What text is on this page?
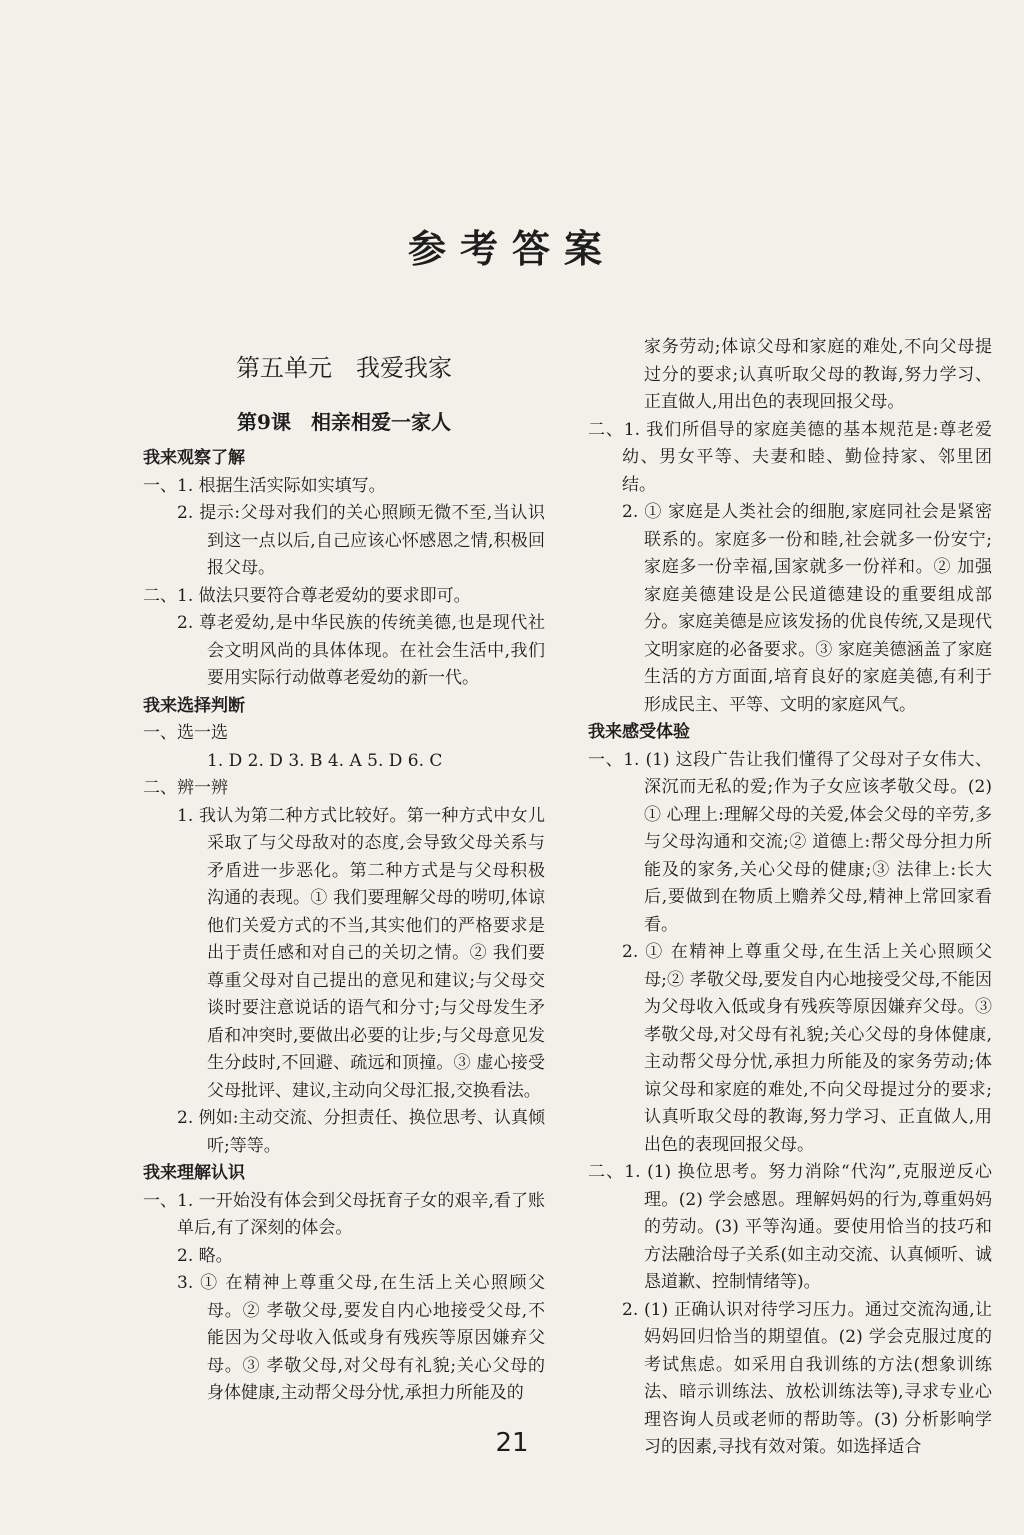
参考答案
第五单元　我爱我家
第9课　相亲相爱一家人
我来观察了解
一、1. 根据生活实际如实填写。
2. 提示:父母对我们的关心照顾无微不至,当认识到这一点以后,自己应该心怀感恩之情,积极回报父母。
二、1. 做法只要符合尊老爱幼的要求即可。
2. 尊老爱幼,是中华民族的传统美德,也是现代社会文明风尚的具体体现。在社会生活中,我们要用实际行动做尊老爱幼的新一代。
我来选择判断
一、选一选
1. D 2. D 3. B 4. A 5. D 6. C
二、辨一辨
1. 我认为第二种方式比较好。第一种方式中女儿采取了与父母敌对的态度,会导致父母关系与矛盾进一步恶化。第二种方式是与父母积极沟通的表现。① 我们要理解父母的唠叨,体谅他们关爱方式的不当,其实他们的严格要求是出于责任感和对自己的关切之情。② 我们要尊重父母对自己提出的意见和建议;与父母交谈时要注意说话的语气和分寸;与父母发生矛盾和冲突时,要做出必要的让步;与父母意见发生分歧时,不回避、疏远和顶撞。③ 虚心接受父母批评、建议,主动向父母汇报,交换看法。
2. 例如:主动交流、分担责任、换位思考、认真倾听;等等。
我来理解认识
一、1. 一开始没有体会到父母抚育子女的艰辛,看了账单后,有了深刻的体会。
2. 略。
3. ① 在精神上尊重父母,在生活上关心照顾父母。② 孝敬父母,要发自内心地接受父母,不能因为父母收入低或身有残疾等原因嫌弃父母。③ 孝敬父母,对父母有礼貌;关心父母的身体健康,主动帮父母分忧,承担力所能及的
家务劳动;体谅父母和家庭的难处,不向父母提过分的要求;认真听取父母的教诲,努力学习、正直做人,用出色的表现回报父母。
二、1. 我们所倡导的家庭美德的基本规范是:尊老爱幼、男女平等、夫妻和睦、勤俭持家、邻里团结。
2. ① 家庭是人类社会的细胞,家庭同社会是紧密联系的。家庭多一份和睦,社会就多一份安宁;家庭多一份幸福,国家就多一份祥和。② 加强家庭美德建设是公民道德建设的重要组成部分。家庭美德是应该发扬的优良传统,又是现代文明家庭的必备要求。③ 家庭美德涵盖了家庭生活的方方面面,培育良好的家庭美德,有利于形成民主、平等、文明的家庭风气。
我来感受体验
一、1. (1) 这段广告让我们懂得了父母对子女伟大、深沉而无私的爱;作为子女应该孝敬父母。(2) ① 心理上:理解父母的关爱,体会父母的辛劳,多与父母沟通和交流;② 道德上:帮父母分担力所能及的家务,关心父母的健康;③ 法律上:长大后,要做到在物质上赡养父母,精神上常回家看看。
2. ① 在精神上尊重父母,在生活上关心照顾父母;② 孝敬父母,要发自内心地接受父母,不能因为父母收入低或身有残疾等原因嫌弃父母。③ 孝敬父母,对父母有礼貌;关心父母的身体健康,主动帮父母分忧,承担力所能及的家务劳动;体谅父母和家庭的难处,不向父母提过分的要求;认真听取父母的教诲,努力学习、正直做人,用出色的表现回报父母。
二、1. (1) 换位思考。努力消除“代沟”,克服逆反心理。(2) 学会感恩。理解妈妈的行为,尊重妈妈的劳动。(3) 平等沟通。要使用恰当的技巧和方法融洽母子关系(如主动交流、认真倾听、诚恳道歉、控制情绪等)。
2. (1) 正确认识对待学习压力。通过交流沟通,让妈妈回归恰当的期望值。(2) 学会克服过度的考试焦虑。如采用自我训练的方法(想象训练法、暗示训练法、放松训练法等),寻求专业心理咨询人员或老师的帮助等。(3) 分析影响学习的因素,寻找有效对策。如选择适合
21
